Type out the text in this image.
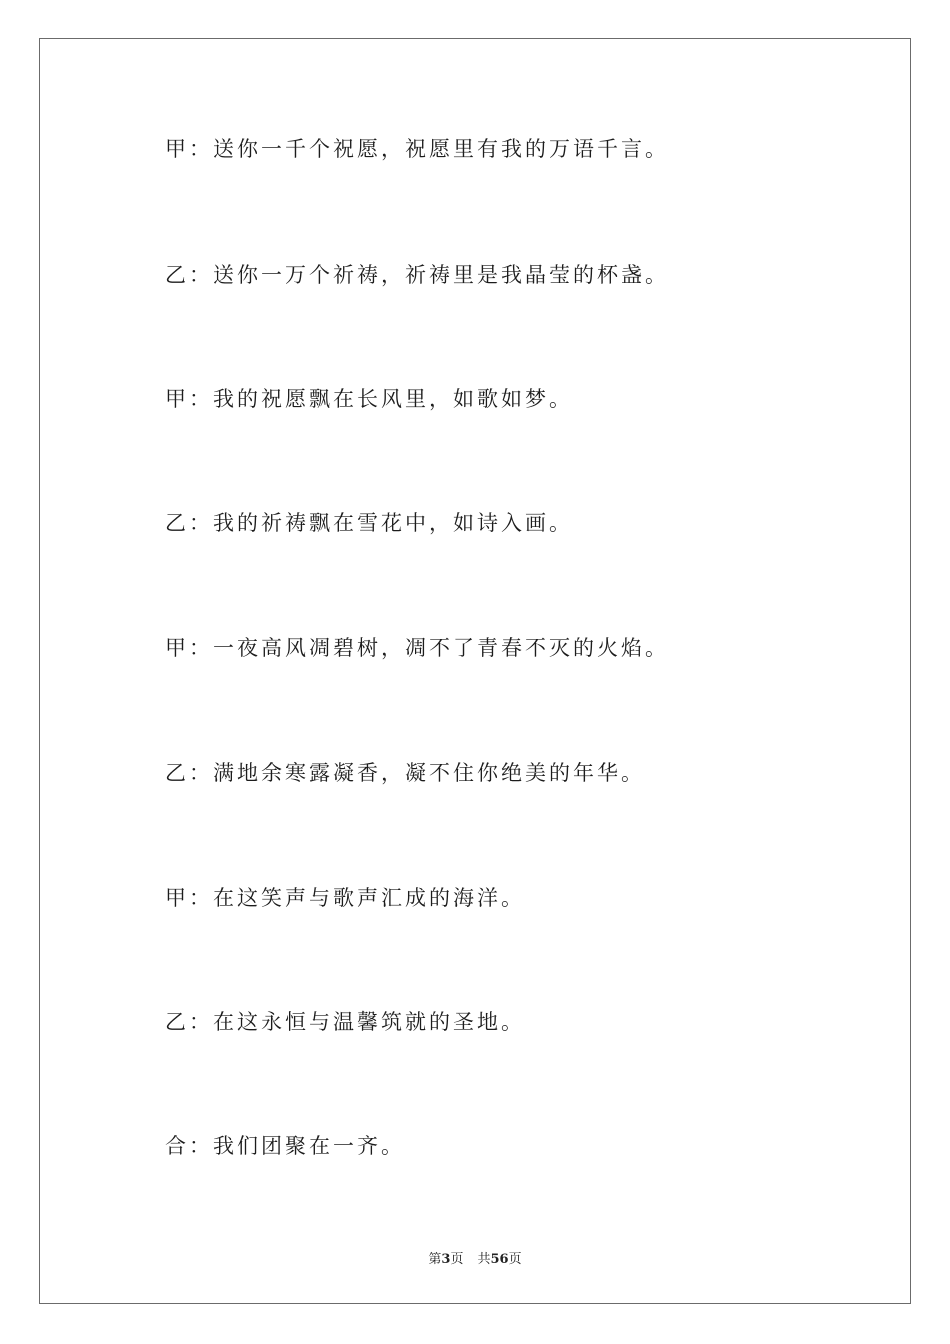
甲：送你一千个祝愿，祝愿里有我的万语千言。
乙：送你一万个祈祷，祈祷里是我晶莹的杯盏。
甲：我的祝愿飘在长风里，如歌如梦。
乙：我的祈祷飘在雪花中，如诗入画。
甲：一夜高风凋碧树，凋不了青春不灭的火焰。
乙：满地余寒露凝香，凝不住你绝美的年华。
甲：在这笑声与歌声汇成的海洋。
乙：在这永恒与温馨筑就的圣地。
合：我们团聚在一齐。
第3页 共56页
